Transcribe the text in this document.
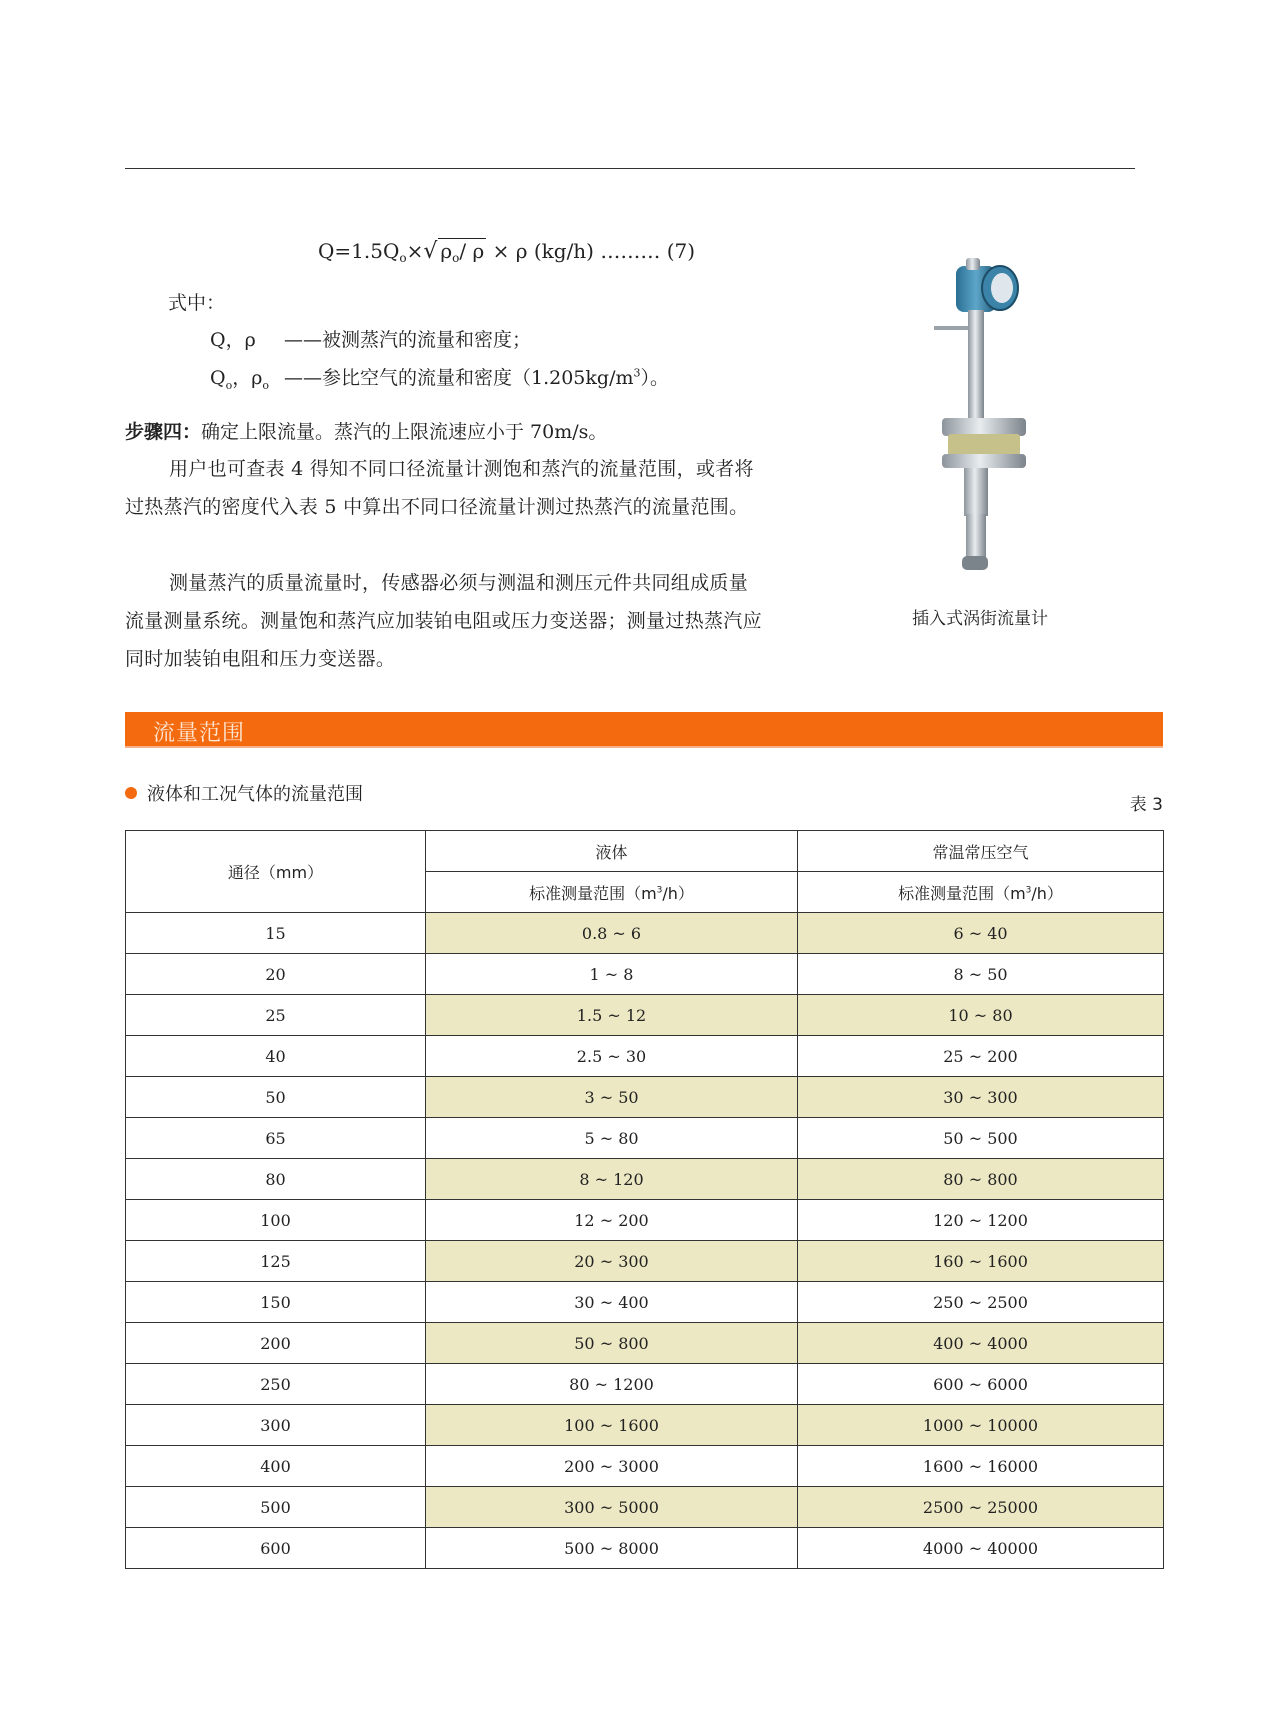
$Q=1.5Q_o\times√$ $\rho_o/$ ρ × ρ (kg/h) ……… (7)
式中：
Q，ρ ——被测蒸汽的流量和密度；
$Q_o$，$\rho_o$ ——参比空气的流量和密度$(1.205kg/m^3)$。
步骤四：确定上限流量。蒸汽的上限流速应小于 70m/s。
用户也可查表 4 得知不同口径流量计测饱和蒸汽的流量范围，或者将过热蒸汽的密度代入表 5 中算出不同口径流量计测过热蒸汽的流量范围。
测量蒸汽的质量流量时，传感器必须与测温和测压元件共同组成质量流量测量系统。测量饱和蒸汽应加装铂电阻或压力变送器；测量过热蒸汽应同时加装铂电阻和压力变送器。
插入式涡街流量计
流量范围
液体和工况气体的流量范围	表 3
通径（mm）	液体	常温常压空气
	标准测量范围$(m^3/h)$	标准测量范围$(m^3/h)$
15	0.8 ~ 6	6 ~ 40
20	1 ~ 8	8 ~ 50
25	1.5 ~ 12	10 ~ 80
40	2.5 ~ 30	25 ~ 200
50	3 ~ 50	30 ~ 300
65	5 ~ 80	50 ~ 500
80	8 ~ 120	80 ~ 800
100	12 ~ 200	120 ~ 1200
125	20 ~ 300	160 ~ 1600
150	30 ~ 400	250 ~ 2500
200	50 ~ 800	400 ~ 4000
250	80 ~ 1200	600 ~ 6000
300	100 ~ 1600	1000 ~ 10000
400	200 ~ 3000	1600 ~ 16000
500	300 ~ 5000	2500 ~ 25000
600	500 ~ 8000	4000 ~ 40000
